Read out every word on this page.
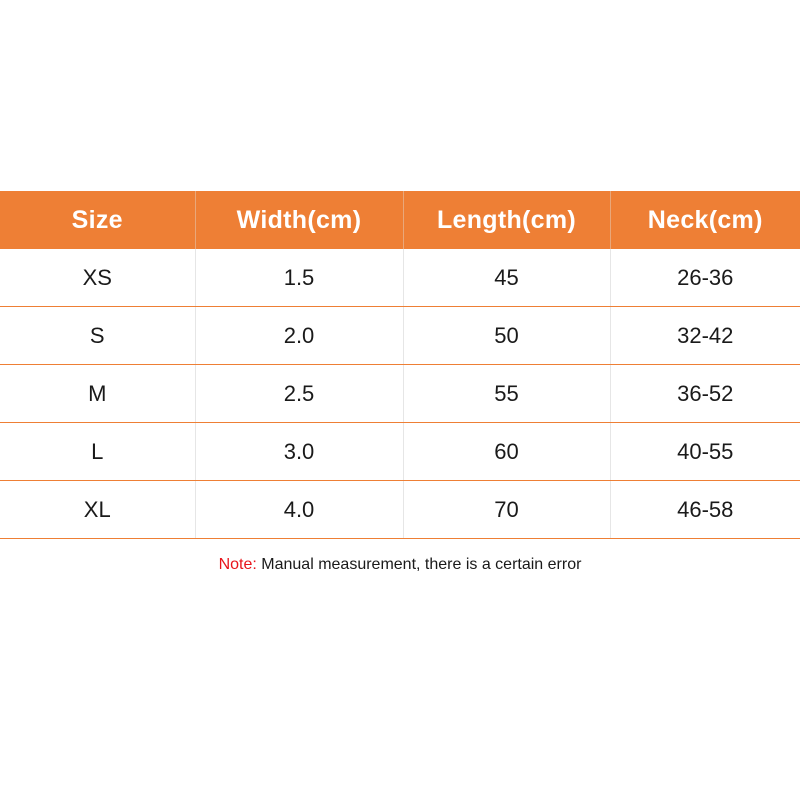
Size	Width(cm)	Length(cm)	Neck(cm)
XS	1.5	45	26-36
S	2.0	50	32-42
M	2.5	55	36-52
L	3.0	60	40-55
XL	4.0	70	46-58
Note: Manual measurement, there is a certain error
